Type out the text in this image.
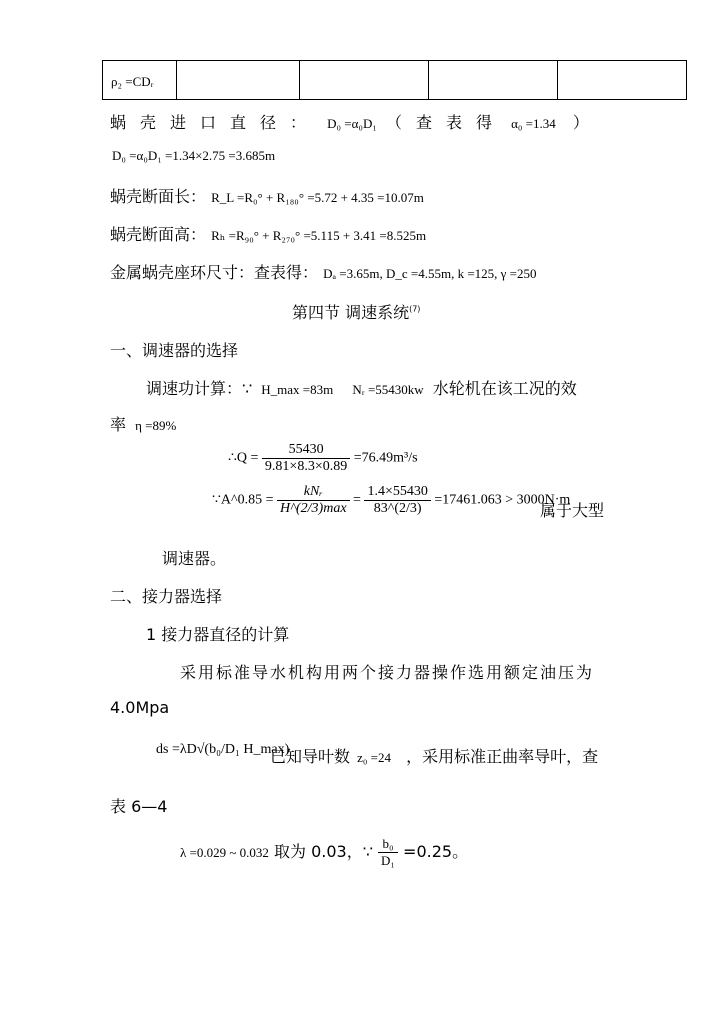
ρ₂ =CDᵣ				
蜗壳进口直径： D₀ =α₀D₁ （查表得 α₀ =1.34 ）
D₀ =α₀D₁ =1.34×2.75 =3.685m
蜗壳断面长： R_L =R₀° + R₁₈₀° =5.72 + 4.35 =10.07m
蜗壳断面高： Rₕ =R₉₀° + R₂₇₀° =5.115 + 3.41 =8.525m
金属蜗壳座环尺寸：查表得： Dₐ =3.65m, D_c =4.55m, k =125, γ =250
第四节 调速系统$^{(7)}$
一、调速器的选择
调速功计算：∵ H_max =83m Nᵣ =55430kw 水轮机在该工况的效
率 η =89%
∴Q = $\frac{55430}{9.81\times 8.3\times 0.89} =76.49m^3/s$
∵A^0.85 = $\frac{\text{kNᵣ}}{H\^{}(2/3)\max} = \frac{1.4\times 55430}{83\^{}(2/3)} =17461.063 > 3000N\cdot m$
属于大型
调速器。
二、接力器选择
1 接力器直径的计算
采用标准导水机构用两个接力器操作选用额定油压为
4.0Mpa
ds =λD√(b₀/D₁ H_max)
已知导叶数 z₀ =24 ，采用标准正曲率导叶，查
表 6—4
λ =0.029 ~ 0.032 取为 0.03，∵ $\frac{\text{b₀}}{\text{D₁}} =0.25$。
